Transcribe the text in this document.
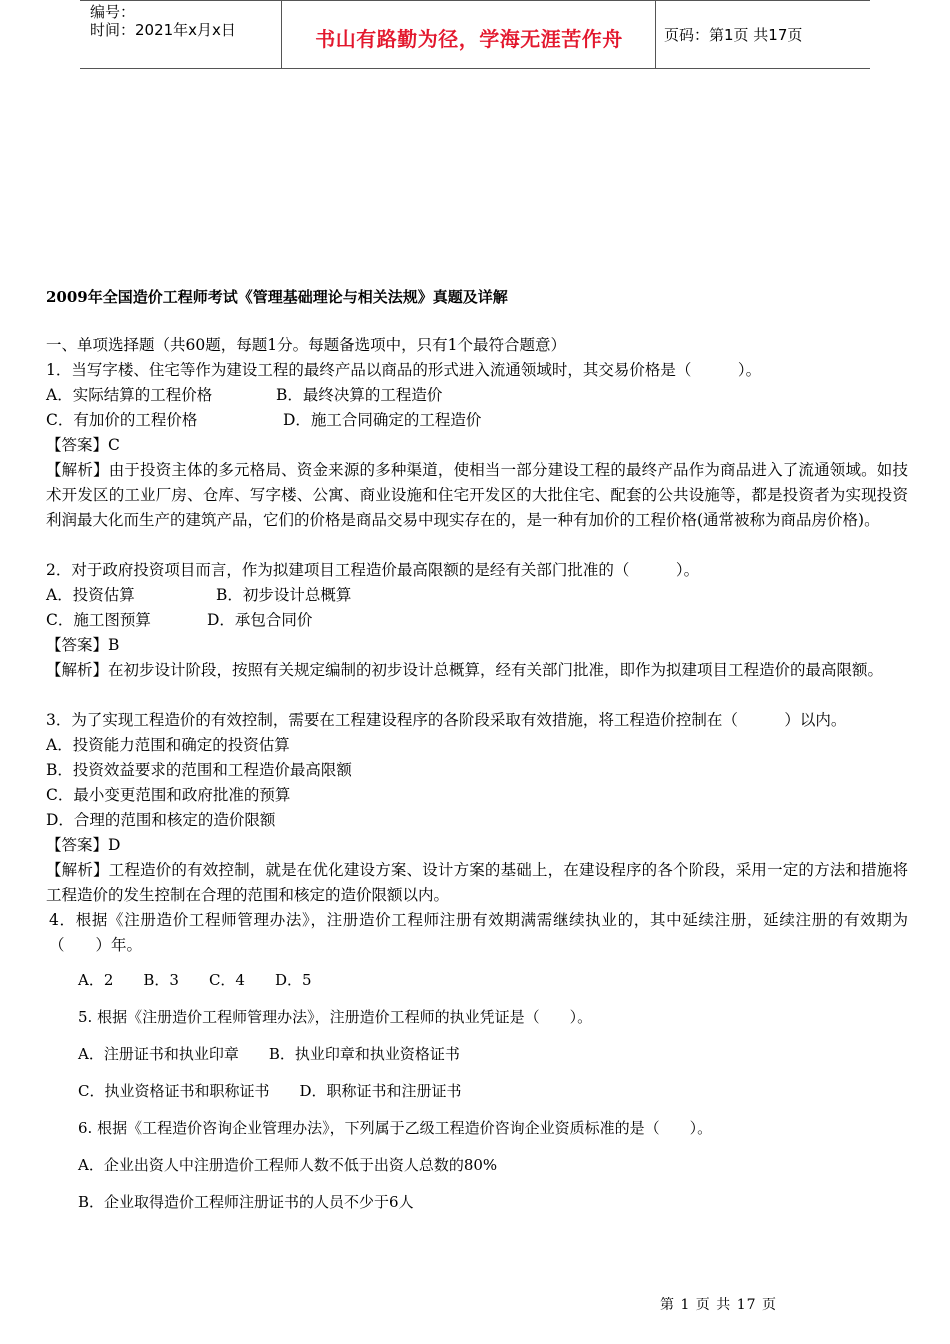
编号：
时间：2021年x月x日	书山有路勤为径，学海无涯苦作舟	页码：第1页 共17页
2009年全国造价工程师考试《管理基础理论与相关法规》真题及详解
一、单项选择题（共60题，每题1分。每题备选项中，只有1个最符合题意）
1．当写字楼、住宅等作为建设工程的最终产品以商品的形式进入流通领域时，其交易价格是（　　　）。
A．实际结算的工程价格	B．最终决算的工程造价
C．有加价的工程价格	D．施工合同确定的工程造价
【答案】C
【解析】由于投资主体的多元格局、资金来源的多种渠道，使相当一部分建设工程的最终产品作为商品进入了流通领域。如技术开发区的工业厂房、仓库、写字楼、公寓、商业设施和住宅开发区的大批住宅、配套的公共设施等，都是投资者为实现投资利润最大化而生产的建筑产品，它们的价格是商品交易中现实存在的，是一种有加价的工程价格(通常被称为商品房价格)。
2．对于政府投资项目而言，作为拟建项目工程造价最高限额的是经有关部门批准的（　　　）。
A．投资估算	B．初步设计总概算
C．施工图预算	D．承包合同价
【答案】B
【解析】在初步设计阶段，按照有关规定编制的初步设计总概算，经有关部门批准，即作为拟建项目工程造价的最高限额。
3．为了实现工程造价的有效控制，需要在工程建设程序的各阶段采取有效措施，将工程造价控制在（　　　）以内。
A．投资能力范围和确定的投资估算
B．投资效益要求的范围和工程造价最高限额
C．最小变更范围和政府批准的预算
D．合理的范围和核定的造价限额
【答案】D
【解析】工程造价的有效控制，就是在优化建设方案、设计方案的基础上，在建设程序的各个阶段，采用一定的方法和措施将工程造价的发生控制在合理的范围和核定的造价限额以内。
4．根据《注册造价工程师管理办法》，注册造价工程师注册有效期满需继续执业的，其中延续注册，延续注册的有效期为（　　）年。
A．2　　B．3　　C．4　　D．5
5. 根据《注册造价工程师管理办法》，注册造价工程师的执业凭证是（　　）。
A．注册证书和执业印章　　B．执业印章和执业资格证书
C．执业资格证书和职称证书　　D．职称证书和注册证书
6. 根据《工程造价咨询企业管理办法》，下列属于乙级工程造价咨询企业资质标准的是（　　）。
A．企业出资人中注册造价工程师人数不低于出资人总数的80%
B．企业取得造价工程师注册证书的人员不少于6人
第 1 页 共 17 页
